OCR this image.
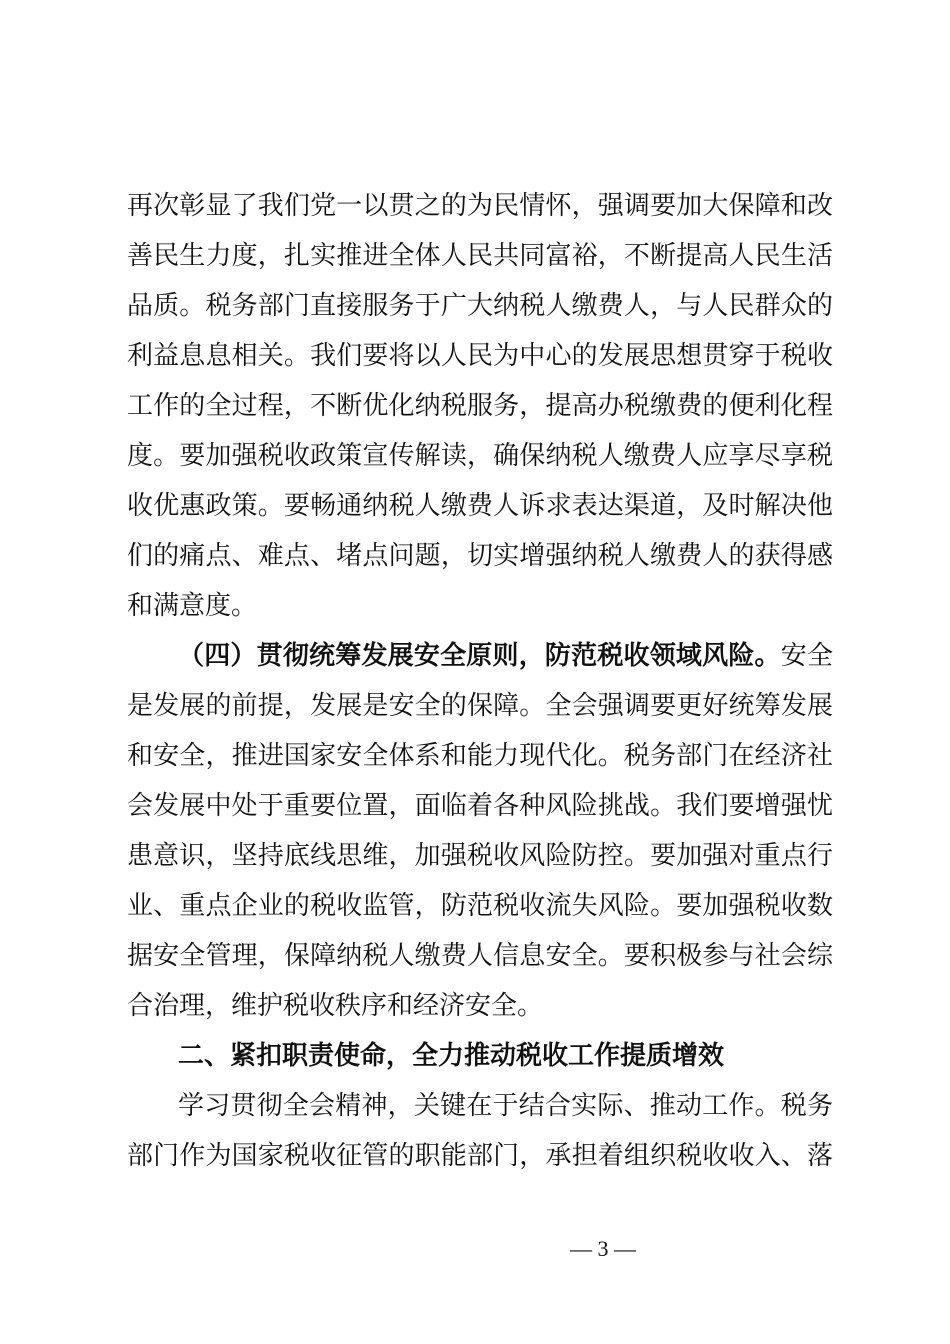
再次彰显了我们党一以贯之的为民情怀，强调要加大保障和改
善民生力度，扎实推进全体人民共同富裕，不断提高人民生活
品质。税务部门直接服务于广大纳税人缴费人，与人民群众的
利益息息相关。我们要将以人民为中心的发展思想贯穿于税收
工作的全过程，不断优化纳税服务，提高办税缴费的便利化程
度。要加强税收政策宣传解读，确保纳税人缴费人应享尽享税
收优惠政策。要畅通纳税人缴费人诉求表达渠道，及时解决他
们的痛点、难点、堵点问题，切实增强纳税人缴费人的获得感
和满意度。
（四）贯彻统筹发展安全原则，防范税收领域风险。安全
是发展的前提，发展是安全的保障。全会强调要更好统筹发展
和安全，推进国家安全体系和能力现代化。税务部门在经济社
会发展中处于重要位置，面临着各种风险挑战。我们要增强忧
患意识，坚持底线思维，加强税收风险防控。要加强对重点行
业、重点企业的税收监管，防范税收流失风险。要加强税收数
据安全管理，保障纳税人缴费人信息安全。要积极参与社会综
合治理，维护税收秩序和经济安全。
二、紧扣职责使命，全力推动税收工作提质增效
学习贯彻全会精神，关键在于结合实际、推动工作。税务
部门作为国家税收征管的职能部门，承担着组织税收收入、落
— 3 —
